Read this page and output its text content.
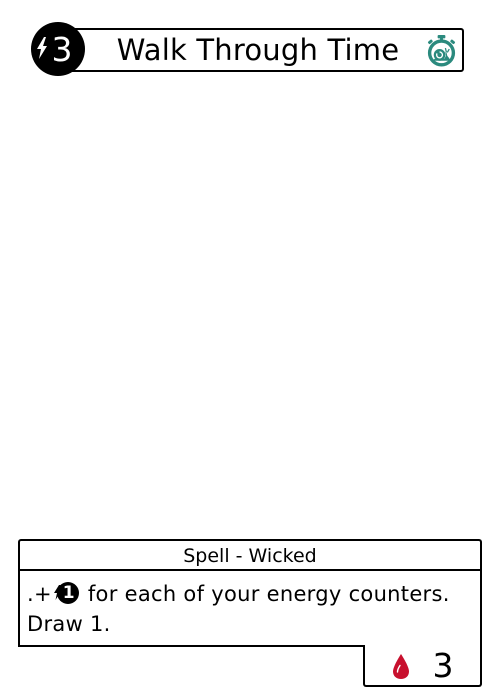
3	Walk Through Time
Spell - Wicked
.+ 1 for each of your energy counters.
Draw 1.
3
